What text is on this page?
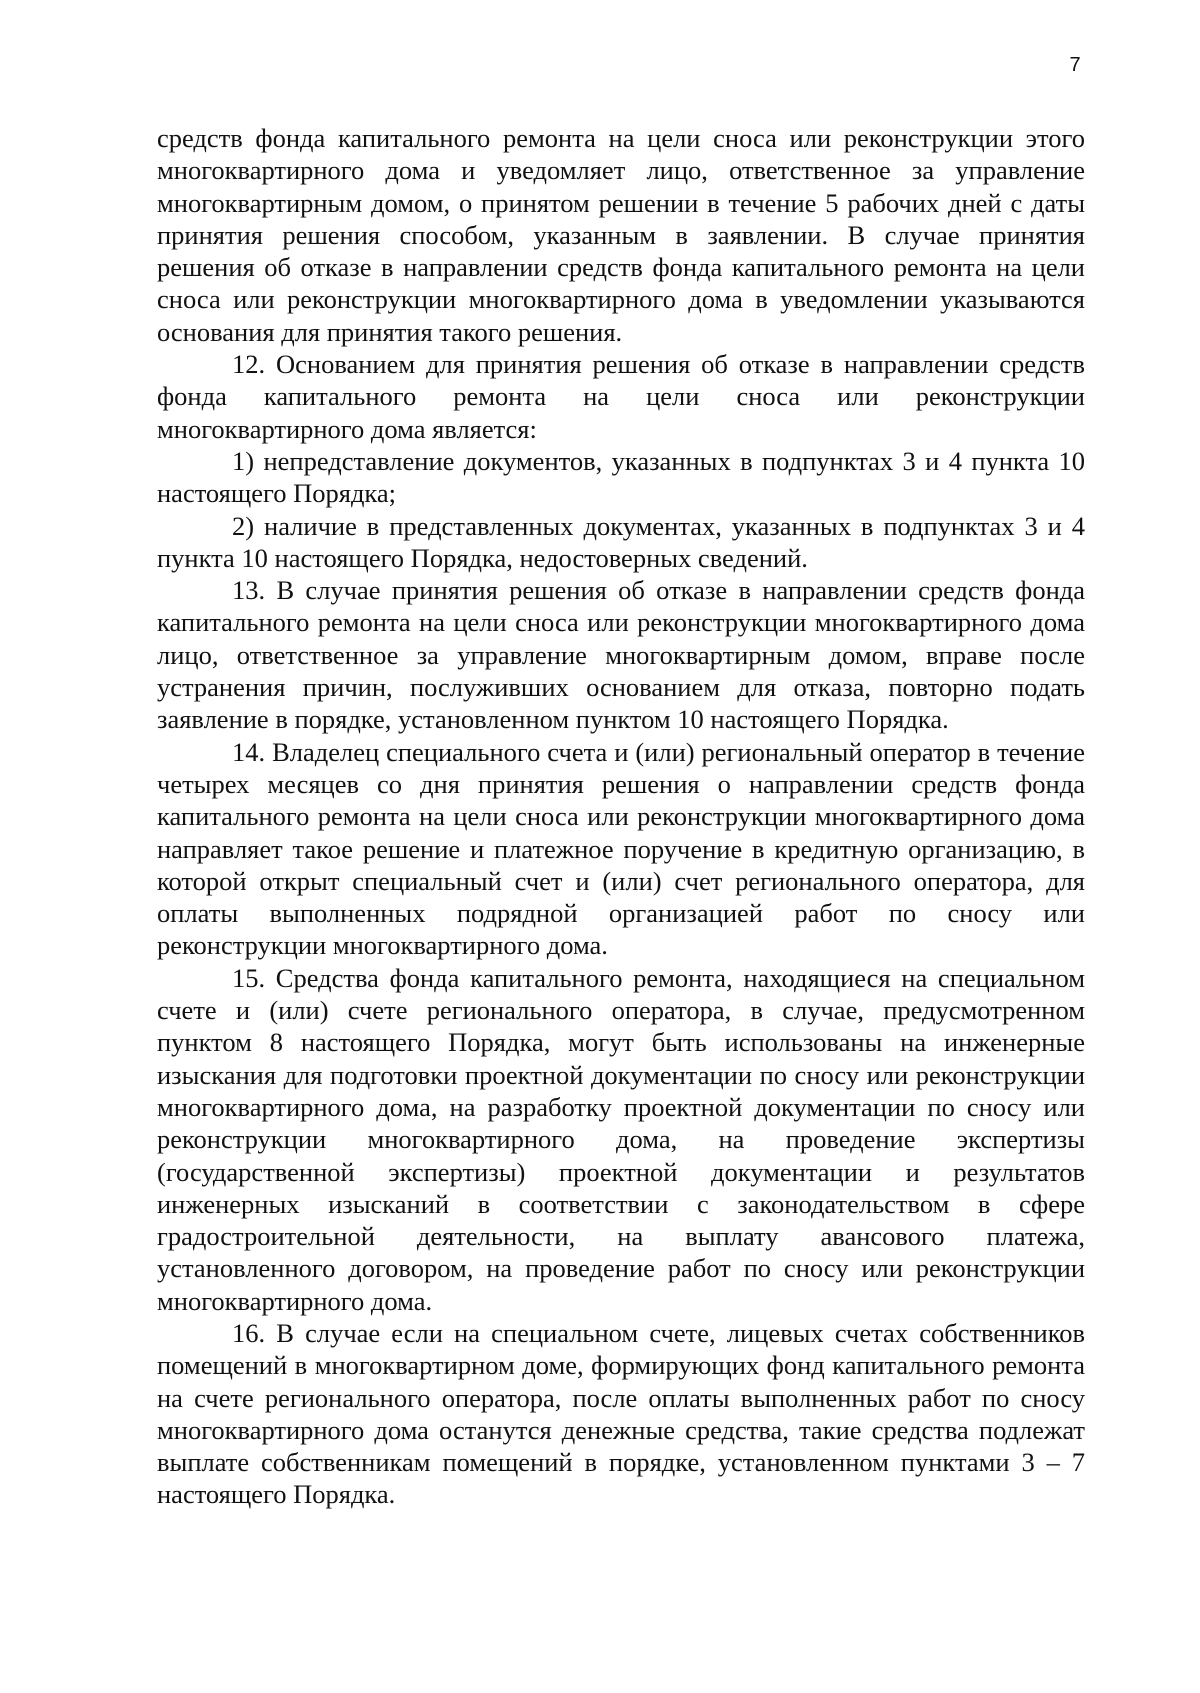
7

средств фонда капитального ремонта на цели сноса или реконструкции этого многоквартирного дома и уведомляет лицо, ответственное за управление многоквартирным домом, о принятом решении в течение 5 рабочих дней с даты принятия решения способом, указанным в заявлении. В случае принятия решения об отказе в направлении средств фонда капитального ремонта на цели сноса или реконструкции многоквартирного дома в уведомлении указываются основания для принятия такого решения.

12. Основанием для принятия решения об отказе в направлении средств фонда капитального ремонта на цели сноса или реконструкции многоквартирного дома является:

1) непредставление документов, указанных в подпунктах 3 и 4 пункта 10 настоящего Порядка;

2) наличие в представленных документах, указанных в подпунктах 3 и 4 пункта 10 настоящего Порядка, недостоверных сведений.

13. В случае принятия решения об отказе в направлении средств фонда капитального ремонта на цели сноса или реконструкции многоквартирного дома лицо, ответственное за управление многоквартирным домом, вправе после устранения причин, послуживших основанием для отказа, повторно подать заявление в порядке, установленном пунктом 10 настоящего Порядка.

14. Владелец специального счета и (или) региональный оператор в течение четырех месяцев со дня принятия решения о направлении средств фонда капитального ремонта на цели сноса или реконструкции многоквартирного дома направляет такое решение и платежное поручение в кредитную организацию, в которой открыт специальный счет и (или) счет регионального оператора, для оплаты выполненных подрядной организацией работ по сносу или реконструкции многоквартирного дома.

15. Средства фонда капитального ремонта, находящиеся на специальном счете и (или) счете регионального оператора, в случае, предусмотренном пунктом 8 настоящего Порядка, могут быть использованы на инженерные изыскания для подготовки проектной документации по сносу или реконструкции многоквартирного дома, на разработку проектной документации по сносу или реконструкции многоквартирного дома, на проведение экспертизы (государственной экспертизы) проектной документации и результатов инженерных изысканий в соответствии с законодательством в сфере градостроительной деятельности, на выплату авансового платежа, установленного договором, на проведение работ по сносу или реконструкции многоквартирного дома.

16. В случае если на специальном счете, лицевых счетах собственников помещений в многоквартирном доме, формирующих фонд капитального ремонта на счете регионального оператора, после оплаты выполненных работ по сносу многоквартирного дома останутся денежные средства, такие средства подлежат выплате собственникам помещений в порядке, установленном пунктами 3 – 7 настоящего Порядка.
